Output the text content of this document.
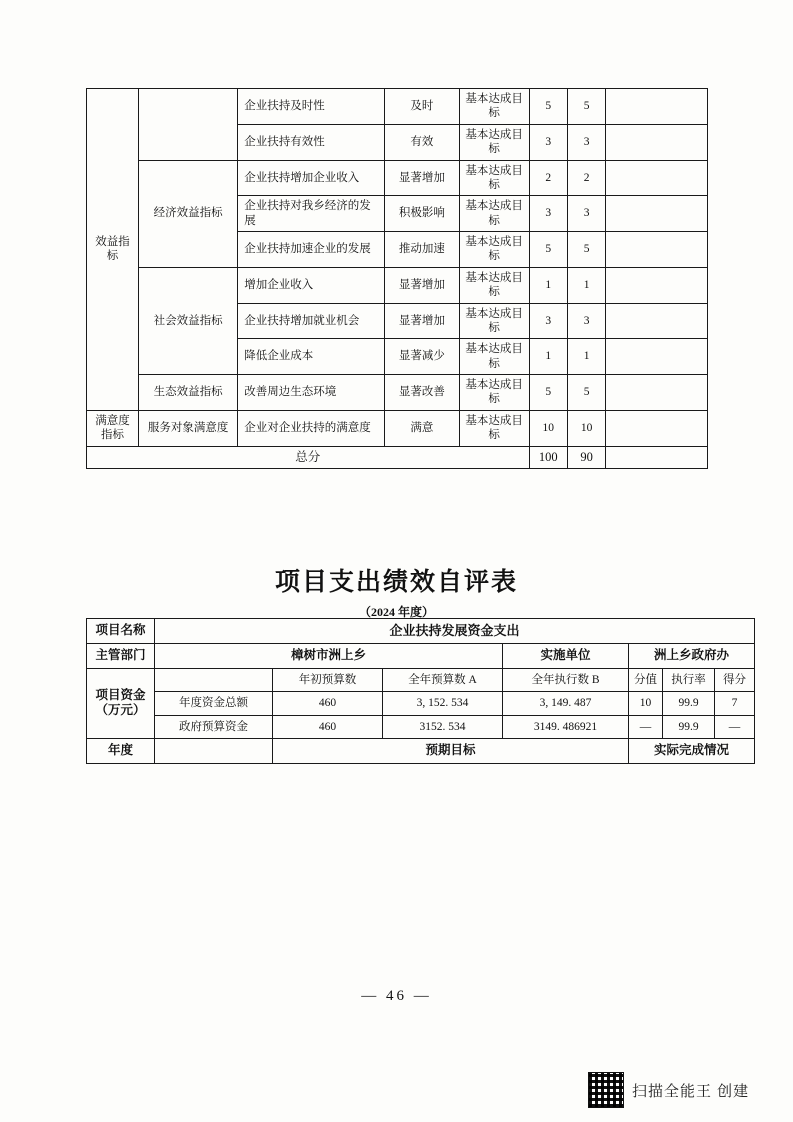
效益指标		企业扶持及时性	及时	基本达成目标	5	5	
		企业扶持有效性	有效	基本达成目标	3	3	
	经济效益指标	企业扶持增加企业收入	显著增加	基本达成目标	2	2	
		企业扶持对我乡经济的发展	积极影响	基本达成目标	3	3	
		企业扶持加速企业的发展	推动加速	基本达成目标	5	5	
	社会效益指标	增加企业收入	显著增加	基本达成目标	1	1	
		企业扶持增加就业机会	显著增加	基本达成目标	3	3	
		降低企业成本	显著减少	基本达成目标	1	1	
	生态效益指标	改善周边生态环境	显著改善	基本达成目标	5	5	
满意度指标	服务对象满意度	企业对企业扶持的满意度	满意	基本达成目标	10	10	
总分					100	90	
项目支出绩效自评表
（2024 年度）
项目名称	企业扶持发展资金支出						
主管部门	樟树市洲上乡			实施单位	洲上乡政府办		

项目资金
（万元）		年初预算数	全年预算数 A	全年执行数 B	分值	执行率	得分
	年度资金总额	460	3, 152. 534	3, 149. 487	10	99.9	7
	政府预算资金	460	3152. 534	3149. 486921	—	99.9	—
年度		预期目标			实际完成情况		
— 46 —
扫描全能王 创建
